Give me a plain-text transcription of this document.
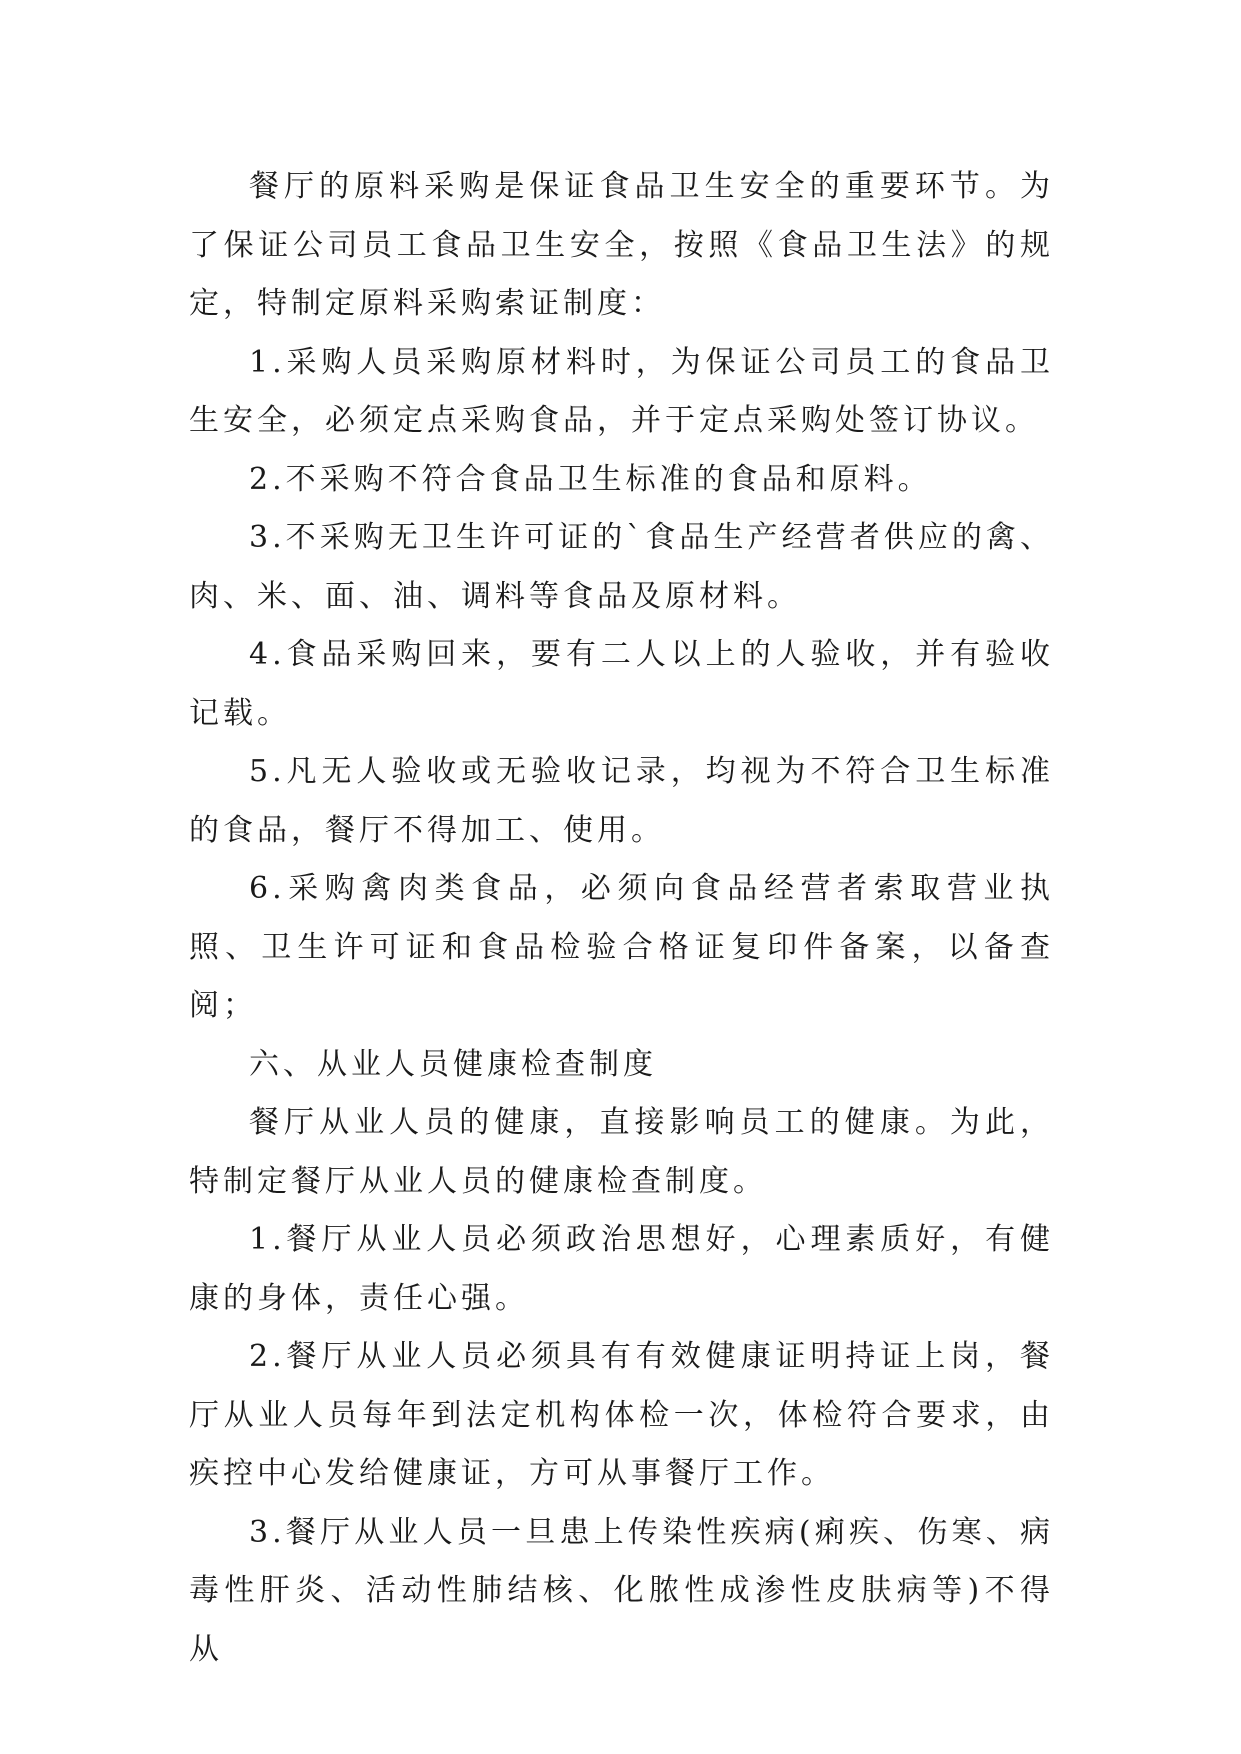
餐厅的原料采购是保证食品卫生安全的重要环节。为了保证公司员工食品卫生安全，按照《食品卫生法》的规定，特制定原料采购索证制度：

1.采购人员采购原材料时，为保证公司员工的食品卫生安全，必须定点采购食品，并于定点采购处签订协议。

2.不采购不符合食品卫生标准的食品和原料。

3.不采购无卫生许可证的`食品生产经营者供应的禽、肉、米、面、油、调料等食品及原材料。

4.食品采购回来，要有二人以上的人验收，并有验收记载。

5.凡无人验收或无验收记录，均视为不符合卫生标准的食品，餐厅不得加工、使用。

6.采购禽肉类食品，必须向食品经营者索取营业执照、卫生许可证和食品检验合格证复印件备案，以备查阅；

六、从业人员健康检查制度

餐厅从业人员的健康，直接影响员工的健康。为此，特制定餐厅从业人员的健康检查制度。

1.餐厅从业人员必须政治思想好，心理素质好，有健康的身体，责任心强。

2.餐厅从业人员必须具有有效健康证明持证上岗，餐厅从业人员每年到法定机构体检一次，体检符合要求，由疾控中心发给健康证，方可从事餐厅工作。

3.餐厅从业人员一旦患上传染性疾病(痢疾、伤寒、病毒性肝炎、活动性肺结核、化脓性成渗性皮肤病等)不得从
